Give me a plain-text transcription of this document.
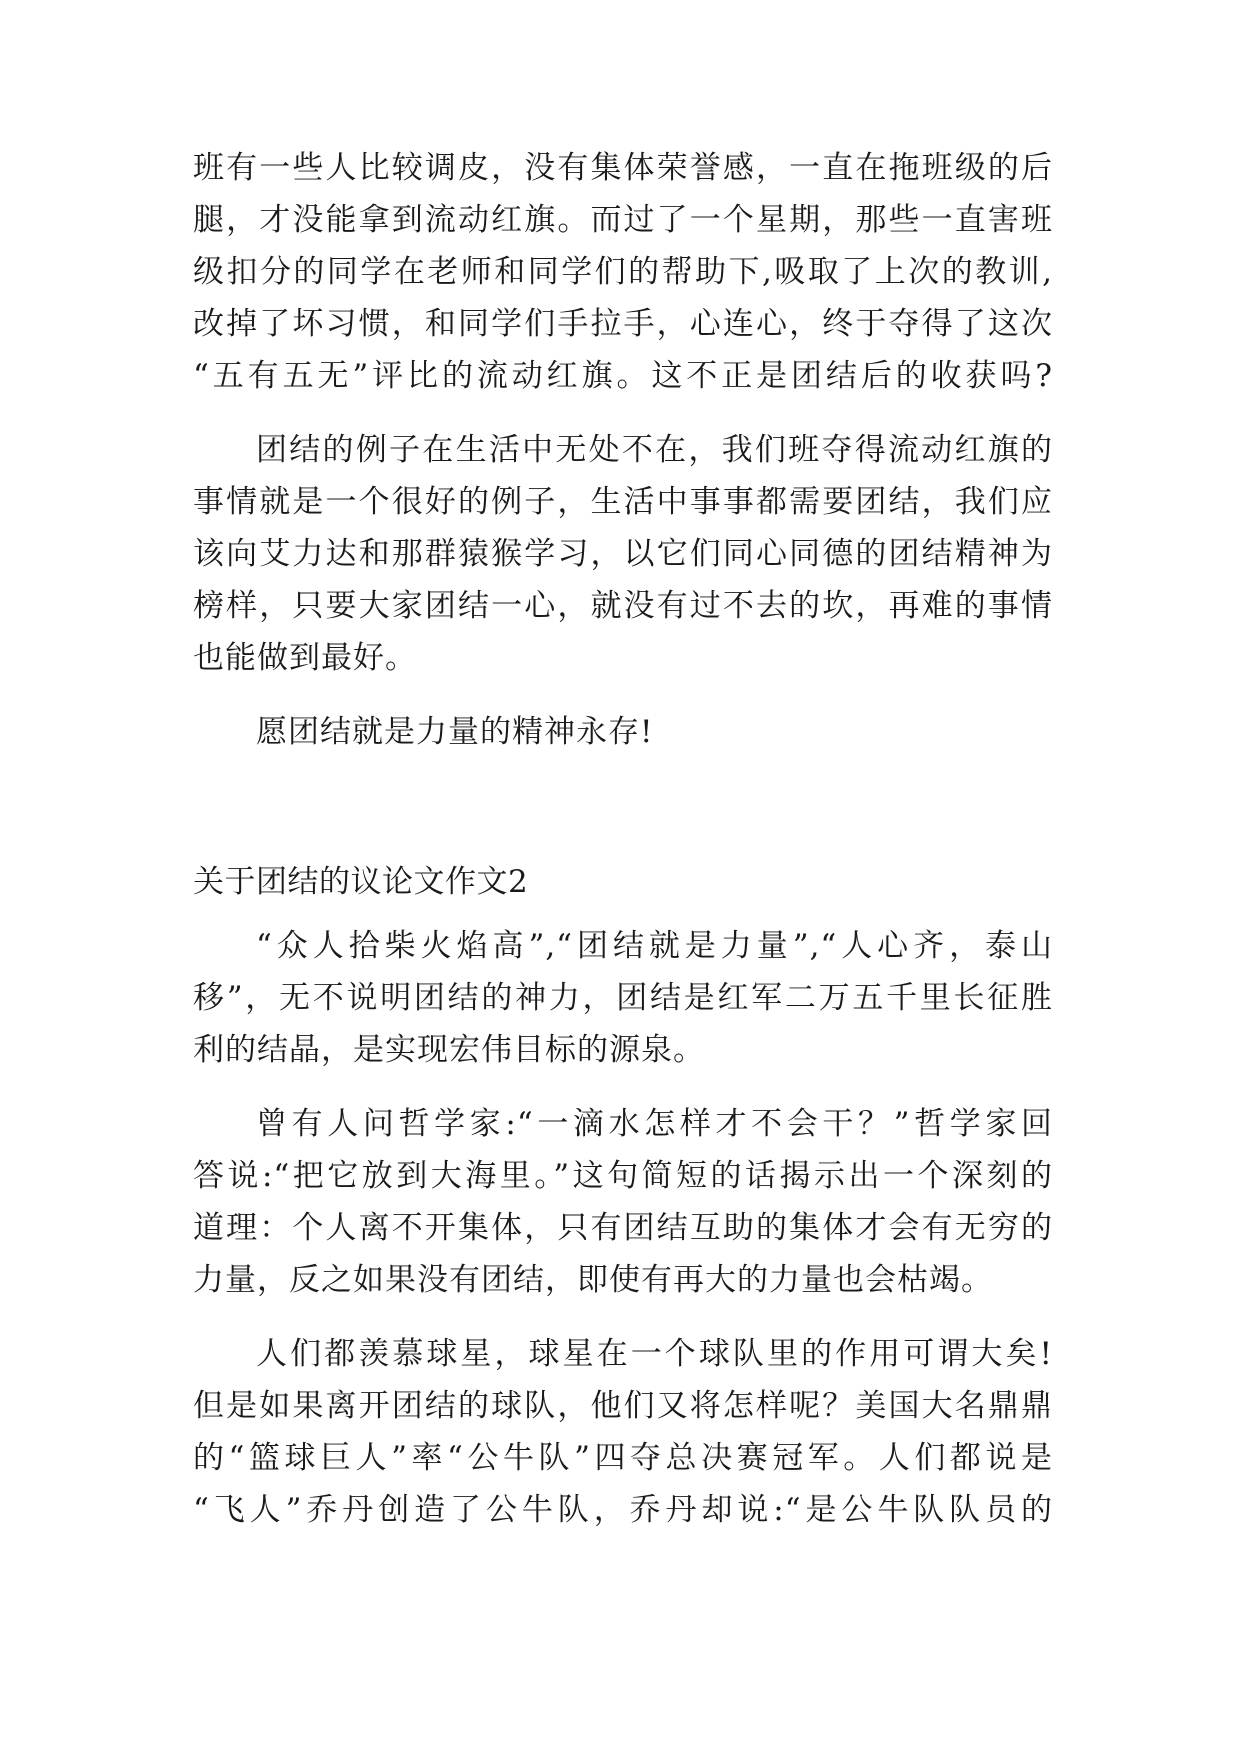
班有一些人比较调皮，没有集体荣誉感，一直在拖班级的后
腿，才没能拿到流动红旗。而过了一个星期，那些一直害班
级扣分的同学在老师和同学们的帮助下,吸取了上次的教训,
改掉了坏习惯，和同学们手拉手，心连心，终于夺得了这次
“五有五无”评比的流动红旗。这不正是团结后的收获吗?
团结的例子在生活中无处不在，我们班夺得流动红旗的
事情就是一个很好的例子，生活中事事都需要团结，我们应
该向艾力达和那群猿猴学习，以它们同心同德的团结精神为
榜样，只要大家团结一心，就没有过不去的坎，再难的事情
也能做到最好。
愿团结就是力量的精神永存!
关于团结的议论文作文2
“众人拾柴火焰高”,“团结就是力量”,“人心齐，泰山
移”，无不说明团结的神力，团结是红军二万五千里长征胜
利的结晶，是实现宏伟目标的源泉。
曾有人问哲学家:“一滴水怎样才不会干？”哲学家回
答说:“把它放到大海里。”这句简短的话揭示出一个深刻的
道理：个人离不开集体，只有团结互助的集体才会有无穷的
力量，反之如果没有团结，即使有再大的力量也会枯竭。
人们都羡慕球星，球星在一个球队里的作用可谓大矣!
但是如果离开团结的球队，他们又将怎样呢？美国大名鼎鼎
的“篮球巨人”率“公牛队”四夺总决赛冠军。人们都说是
“飞人”乔丹创造了公牛队，乔丹却说:“是公牛队队员的
